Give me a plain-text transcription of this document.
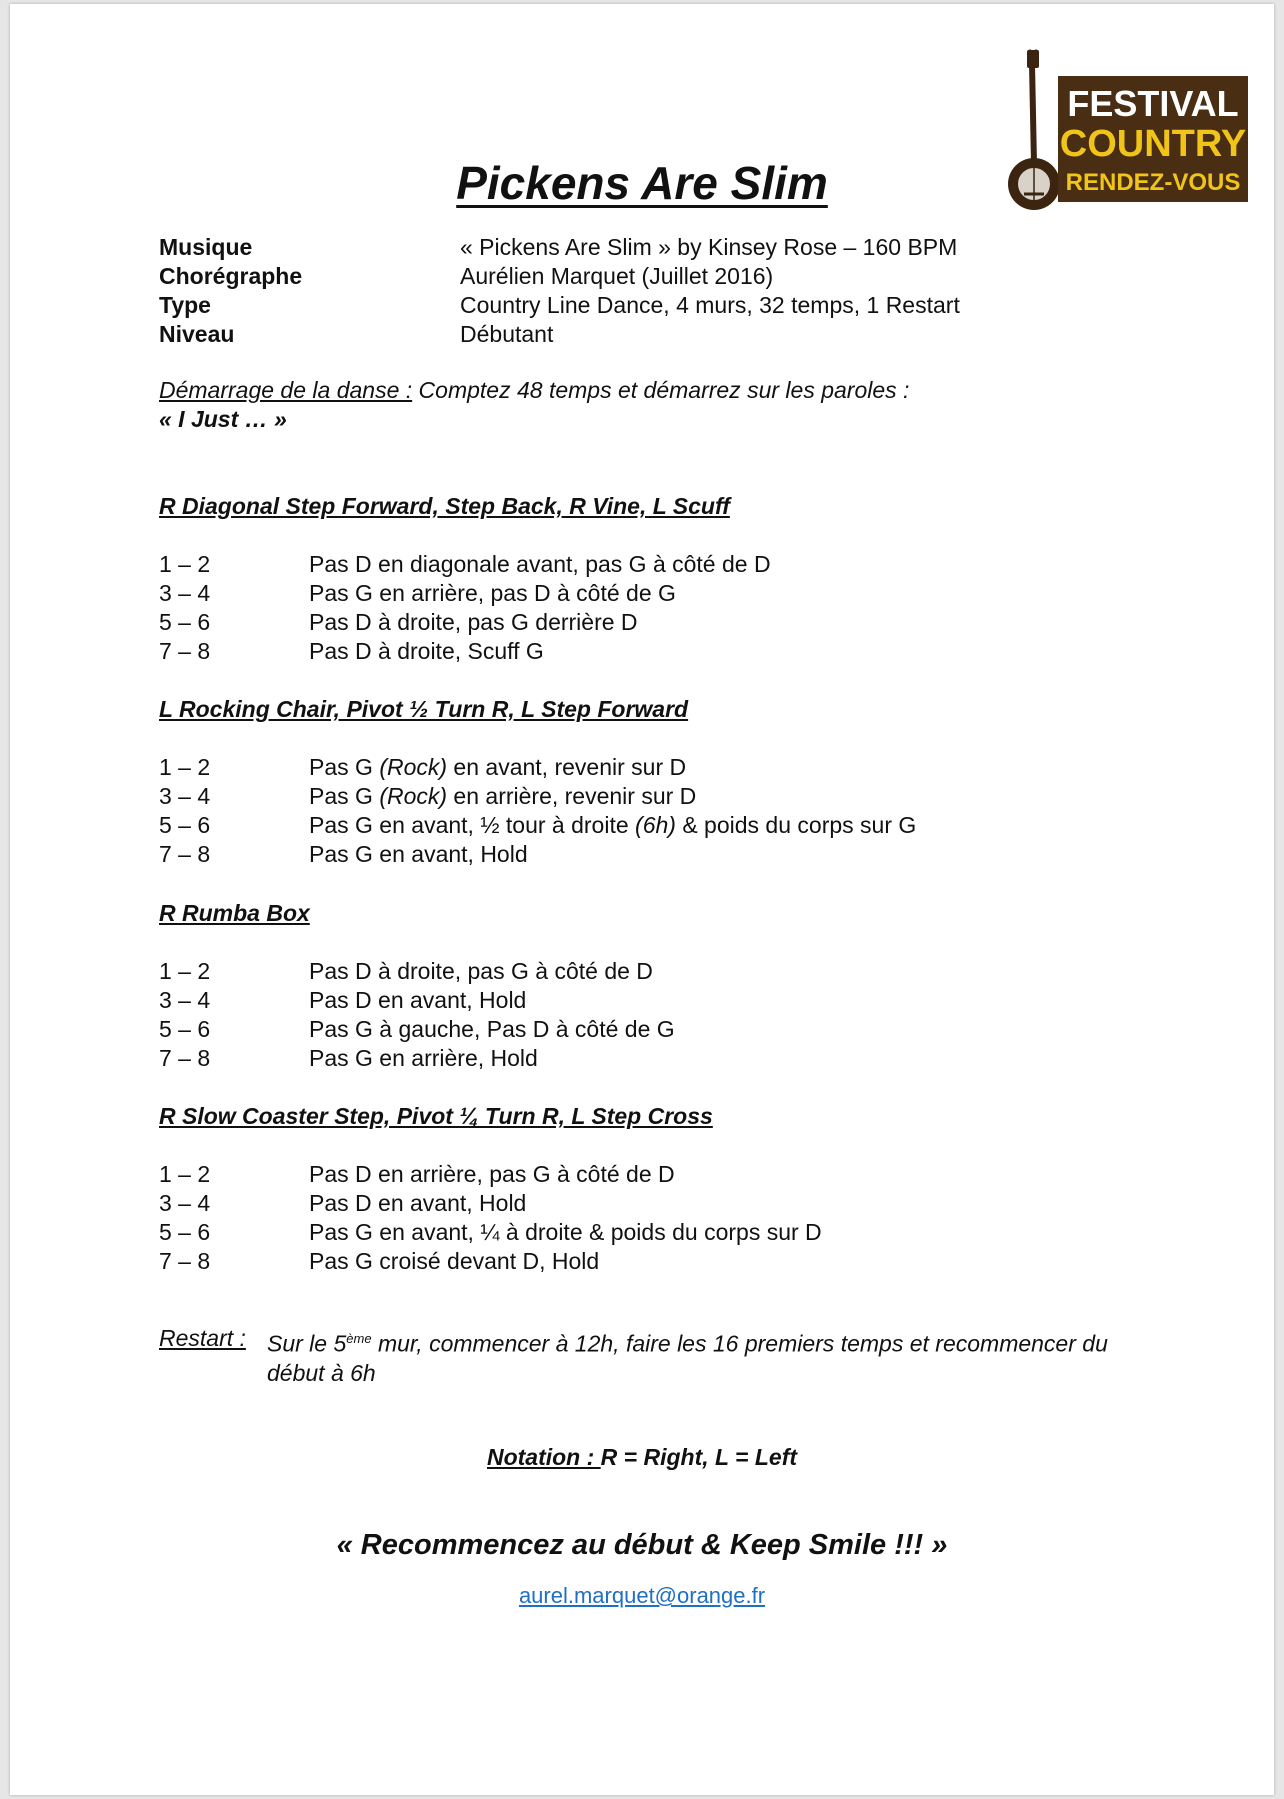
FESTIVAL
COUNTRY
RENDEZ-VOUS
Pickens Are Slim
Musique	« Pickens Are Slim » by Kinsey Rose – 160 BPM
Chorégraphe	Aurélien Marquet (Juillet 2016)
Type	Country Line Dance, 4 murs, 32 temps, 1 Restart
Niveau	Débutant
Démarrage de la danse : Comptez 48 temps et démarrez sur les paroles :
« I Just … »
R Diagonal Step Forward, Step Back, R Vine, L Scuff
1 – 2	Pas D en diagonale avant, pas G à côté de D
3 – 4	Pas G en arrière, pas D à côté de G
5 – 6	Pas D à droite, pas G derrière D
7 – 8	Pas D à droite, Scuff G
L Rocking Chair, Pivot ½ Turn R, L Step Forward
1 – 2	Pas G (Rock) en avant, revenir sur D
3 – 4	Pas G (Rock) en arrière, revenir sur D
5 – 6	Pas G en avant, ½ tour à droite (6h) & poids du corps sur G
7 – 8	Pas G en avant, Hold
R Rumba Box
1 – 2	Pas D à droite, pas G à côté de D
3 – 4	Pas D en avant, Hold
5 – 6	Pas G à gauche, Pas D à côté de G
7 – 8	Pas G en arrière, Hold
R Slow Coaster Step, Pivot ¼ Turn R, L Step Cross
1 – 2	Pas D en arrière, pas G à côté de D
3 – 4	Pas D en avant, Hold
5 – 6	Pas G en avant, ¼ à droite & poids du corps sur D
7 – 8	Pas G croisé devant D, Hold
Restart : Sur le 5ème mur, commencer à 12h, faire les 16 premiers temps et recommencer du début à 6h
Notation : R = Right, L = Left
« Recommencez au début & Keep Smile !!! »
aurel.marquet@orange.fr
